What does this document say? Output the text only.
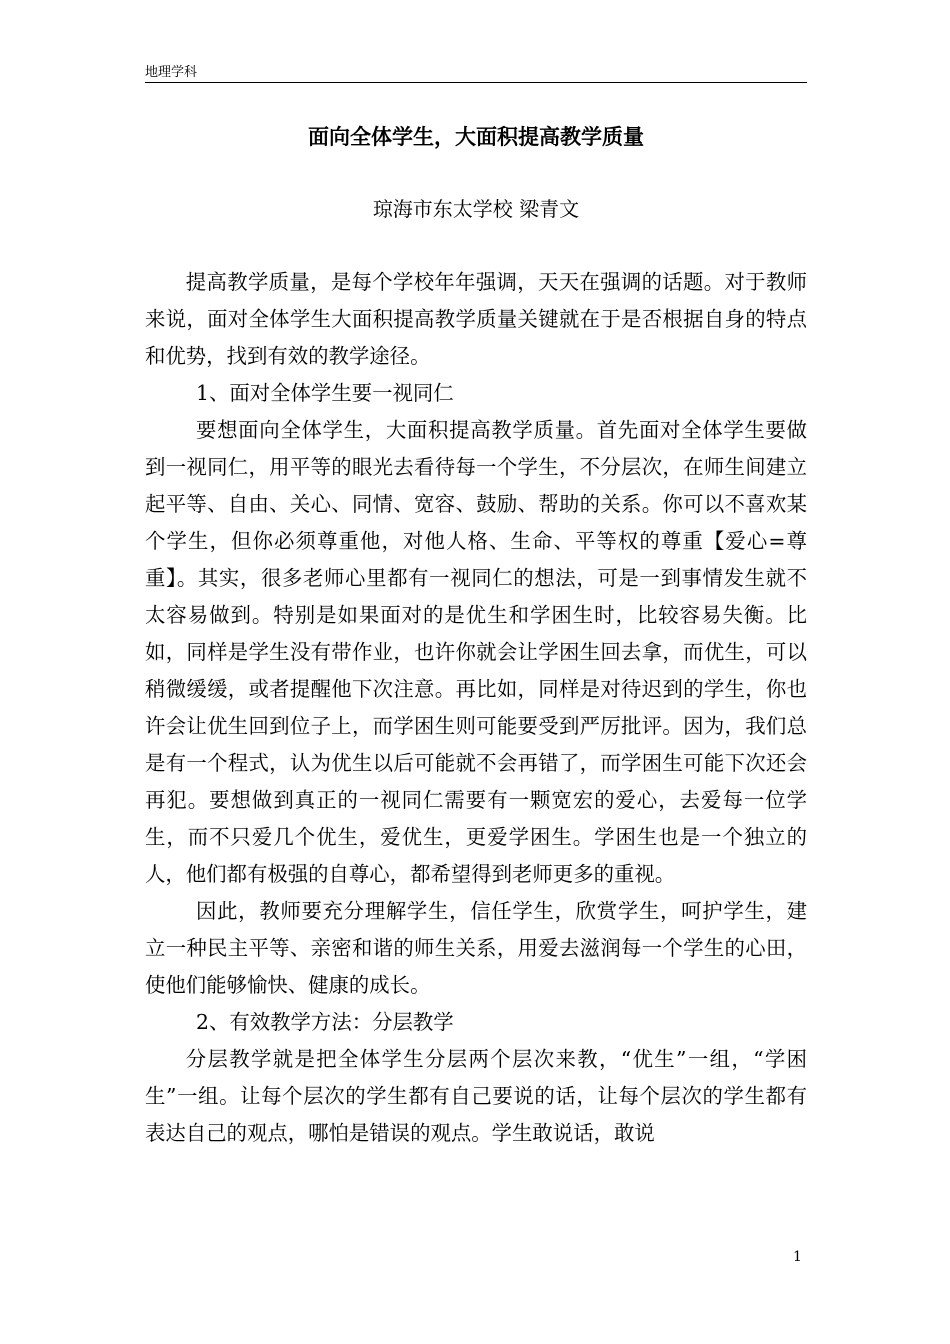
地理学科
面向全体学生，大面积提高教学质量
琼海市东太学校 梁青文

提高教学质量，是每个学校年年强调，天天在强调的话题。对于教师来说，面对全体学生大面积提高教学质量关键就在于是否根据自身的特点和优势，找到有效的教学途径。

1、面对全体学生要一视同仁

要想面向全体学生，大面积提高教学质量。首先面对全体学生要做到一视同仁，用平等的眼光去看待每一个学生，不分层次，在师生间建立起平等、自由、关心、同情、宽容、鼓励、帮助的关系。你可以不喜欢某个学生，但你必须尊重他，对他人格、生命、平等权的尊重【爱心=尊重】。其实，很多老师心里都有一视同仁的想法，可是一到事情发生就不太容易做到。特别是如果面对的是优生和学困生时，比较容易失衡。比如，同样是学生没有带作业，也许你就会让学困生回去拿，而优生，可以稍微缓缓，或者提醒他下次注意。再比如，同样是对待迟到的学生，你也许会让优生回到位子上，而学困生则可能要受到严厉批评。因为，我们总是有一个程式，认为优生以后可能就不会再错了，而学困生可能下次还会再犯。要想做到真正的一视同仁需要有一颗宽宏的爱心，去爱每一位学生，而不只爱几个优生，爱优生，更爱学困生。学困生也是一个独立的人，他们都有极强的自尊心，都希望得到老师更多的重视。

因此，教师要充分理解学生，信任学生，欣赏学生，呵护学生，建立一种民主平等、亲密和谐的师生关系，用爱去滋润每一个学生的心田，使他们能够愉快、健康的成长。

2、有效教学方法：分层教学

分层教学就是把全体学生分层两个层次来教，“优生”一组，“学困生”一组。让每个层次的学生都有自己要说的话，让每个层次的学生都有表达自己的观点，哪怕是错误的观点。学生敢说话，敢说

1
